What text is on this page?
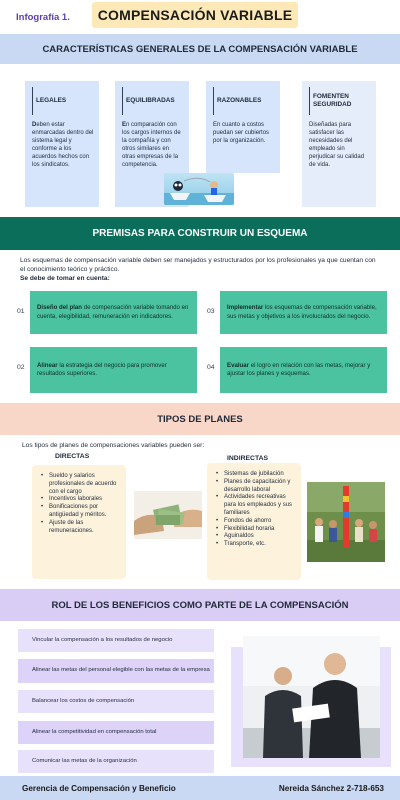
Infografía 1.	COMPENSACIÓN VARIABLE
CARACTERÍSTICAS GENERALES DE LA COMPENSACIÓN VARIABLE
LEGALES
Deben estar enmarcadas dentro del sistema legal y conforme a los acuerdos hechos con los sindicatos.
EQUILIBRADAS
En comparación con los cargos internos de la compañía y con otros similares en otras empresas de la competencia.
RAZONABLES
En cuanto a costos puedan ser cubiertos por la organización.
FOMENTEN SEGURIDAD
Diseñadas para satisfacer las necesidades del empleado sin perjudicar su calidad de vida.
PREMISAS PARA CONSTRUIR UN ESQUEMA
Los esquemas de compensación variable deben ser manejados y estructurados por los profesionales ya que cuentan con el conocimiento teórico y práctico.
Se debe de tomar en cuenta:
01
Diseño del plan de compensación variable tomando en cuenta, elegibilidad, remuneración en indicadores.
03
Implementar los esquemas de compensación variable, sus metas y objetivos a los involucrados del negocio.
02 Alinear la estrategia del negocio para promover resultados superiores.
04 Evaluar el logro en relación con las metas, mejorar y ajustar los planes y esquemas.
TIPOS DE PLANES
Los tipos de planes de compensaciones variables pueden ser:
DIRECTAS	INDIRECTAS
• Sueldo y salarios profesionales de acuerdo con el cargo
• Incentivos laborales
• Bonificaciones por antigüedad y méritos.
• Ajuste de las remuneraciones.
• Sistemas de jubilación
• Planes de capacitación y desarrollo laboral
• Actividades recreativas para los empleados y sus familiares
• Fondos de ahorro
• Flexibilidad horaria
• Aguinaldos
• Transporte, etc.
ROL DE LOS BENEFICIOS COMO PARTE DE LA COMPENSACIÓN
Vincular la compensación a los resultados de negocio
Alinear las metas del personal elegible con las metas de la empresa
Balancear los costos de compensación
Alinear la competitividad en compensación total
Comunicar las metas de la organización
Gerencia de Compensación y Beneficio	Nereida Sánchez 2-718-653
